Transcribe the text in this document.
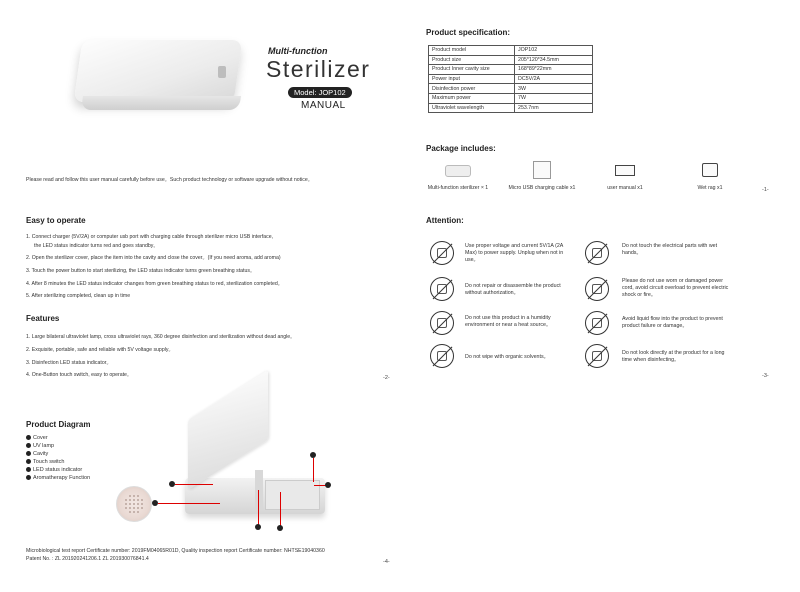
Multi-function
Sterilizer
Model: JOP102
MANUAL
Please read and follow this user manual carefully before use。Such product technology or software upgrade without notice。
Product specification:
Product model	JOP102
Product size	205*120*34.5mm
Product Inner cavity size	168*89*22mm
Power input	DC5V/2A
Disinfection power	3W
Maximum power	7W
Ultraviolet wavelength	253.7nm
Package includes:
Multi-function sterilizer × 1	Micro USB charging cable x1	user manual x1	Wet rag x1	-1-
Easy to operate
1. Connect charger (5V/2A) or computer usb port with charging cable through sterilizer micro USB interface,
the LED status indicator turns red and goes standby。
2. Open the sterilizer cover, place the item into the cavity and close the cover。(If you need aroma, add aroma)
3. Touch the power button to start sterilizing, the LED status indicator turns green breathing status。
4. After 8 minutes the LED status indicator changes from green breathing status to red, sterilization completed。
5. After sterilizing completed, clean up in time
Features
1. Large bilateral ultraviolet lamp, cross ultraviolet rays, 360 degree disinfection and sterilization without dead angle。
2. Exquisite, portable, safe and reliable with 5V voltage supply。
3. Disinfection LED status indicator。
4. One-Button touch switch, easy to operate。	-2-
Attention:
Use proper voltage and current 5V/1A (2A Max) to power supply. Unplug when not in use。
Do not repair or disassemble the product without authorization。
Do not use this product in a humidity environment or near a heat source。
Do not wipe with organic solvents。
Do not touch the electrical parts with wet hands。
Please do not use worn or damaged power cord, avoid circuit overload to prevent electric shock or fire。
Avoid liquid flow into the product to prevent product failure or damage。
Do not look directly at the product for a long time when disinfecting。
-3-
Product Diagram
Cover
UV lamp
Cavity
Touch switch
LED status indicator
Aromatherapy Function
Microbiological test report Certificate number: 2019FM04065R01D, Quality inspection report Certificate number: NHTSE19040360
Patent No. : ZL 201920241206.1 ZL 201930076841.4	-4-
